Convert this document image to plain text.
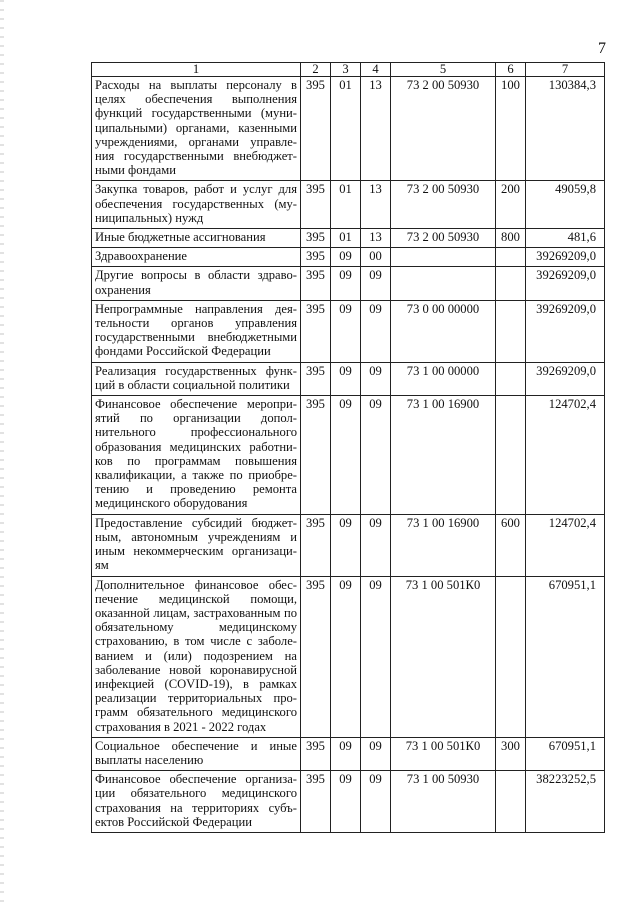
7
1	2	3	4	5	6	7
Расходы на выплаты персоналу в целях обеспечения выполнения функций государственными (муни-ципальными) органами, казенными учреждениями, органами управле-ния государственными внебюджет-ными фондами	395	01	13	73 2 00 50930	100	130384,3
Закупка товаров, работ и услуг для обеспечения государственных (му-ниципальных) нужд	395	01	13	73 2 00 50930	200	49059,8
Иные бюджетные ассигнования	395	01	13	73 2 00 50930	800	481,6
Здравоохранение	395	09	00			39269209,0
Другие вопросы в области здраво-охранения	395	09	09			39269209,0
Непрограммные направления дея-тельности органов управления государственными внебюджетными фондами Российской Федерации	395	09	09	73 0 00 00000		39269209,0
Реализация государственных функ-ций в области социальной политики	395	09	09	73 1 00 00000		39269209,0
Финансовое обеспечение меропри-ятий по организации допол-нительного профессионального образования медицинских работни-ков по программам повышения квалификации, а также по приобре-тению и проведению ремонта медицинского оборудования	395	09	09	73 1 00 16900		124702,4
Предоставление субсидий бюджет-ным, автономным учреждениям и иным некоммерческим организаци-ям	395	09	09	73 1 00 16900	600	124702,4
Дополнительное финансовое обес-печение медицинской помощи, оказанной лицам, застрахованным по обязательному медицинскому страхованию, в том числе с заболе-ванием и (или) подозрением на заболевание новой коронавирусной инфекцией (COVID-19), в рамках реализации территориальных про-грамм обязательного медицинского страхования в 2021 - 2022 годах	395	09	09	73 1 00 501К0		670951,1
Социальное обеспечение и иные выплаты населению	395	09	09	73 1 00 501К0	300	670951,1
Финансовое обеспечение организа-ции обязательного медицинского страхования на территориях субъ-ектов Российской Федерации	395	09	09	73 1 00 50930		38223252,5
